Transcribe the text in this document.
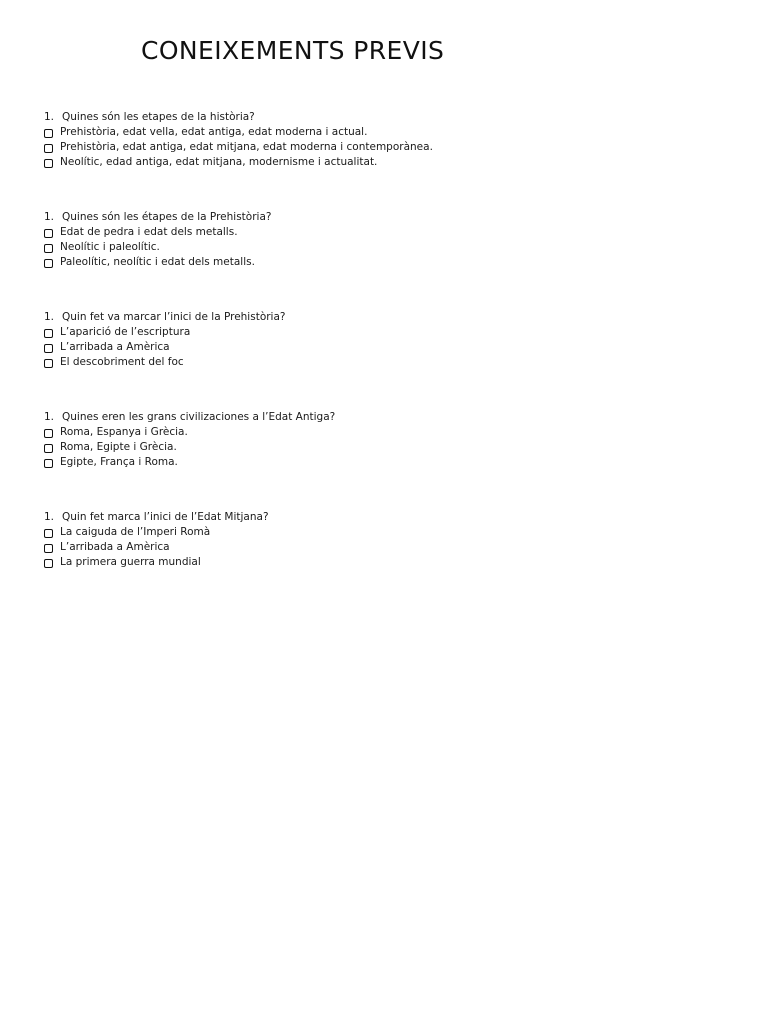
CONEIXEMENTS PREVIS
1. Quines són les etapes de la història?
Prehistòria, edat vella, edat antiga, edat moderna i actual.
Prehistòria, edat antiga, edat mitjana, edat moderna i contemporànea.
Neolític, edad antiga, edat mitjana, modernisme i actualitat.
1. Quines són les étapes de la Prehistòria?
Edat de pedra i edat dels metalls.
Neolític i paleolític.
Paleolític, neolític i edat dels metalls.
1. Quin fet va marcar l’inici de la Prehistòria?
L’aparició de l’escriptura
L’arribada a Amèrica
El descobriment del foc
1. Quines eren les grans civilizaciones a l’Edat Antiga?
Roma, Espanya i Grècia.
Roma, Egipte i Grècia.
Egipte, França i Roma.
1. Quin fet marca l’inici de l’Edat Mitjana?
La caiguda de l’Imperi Romà
L’arribada a Amèrica
La primera guerra mundial
